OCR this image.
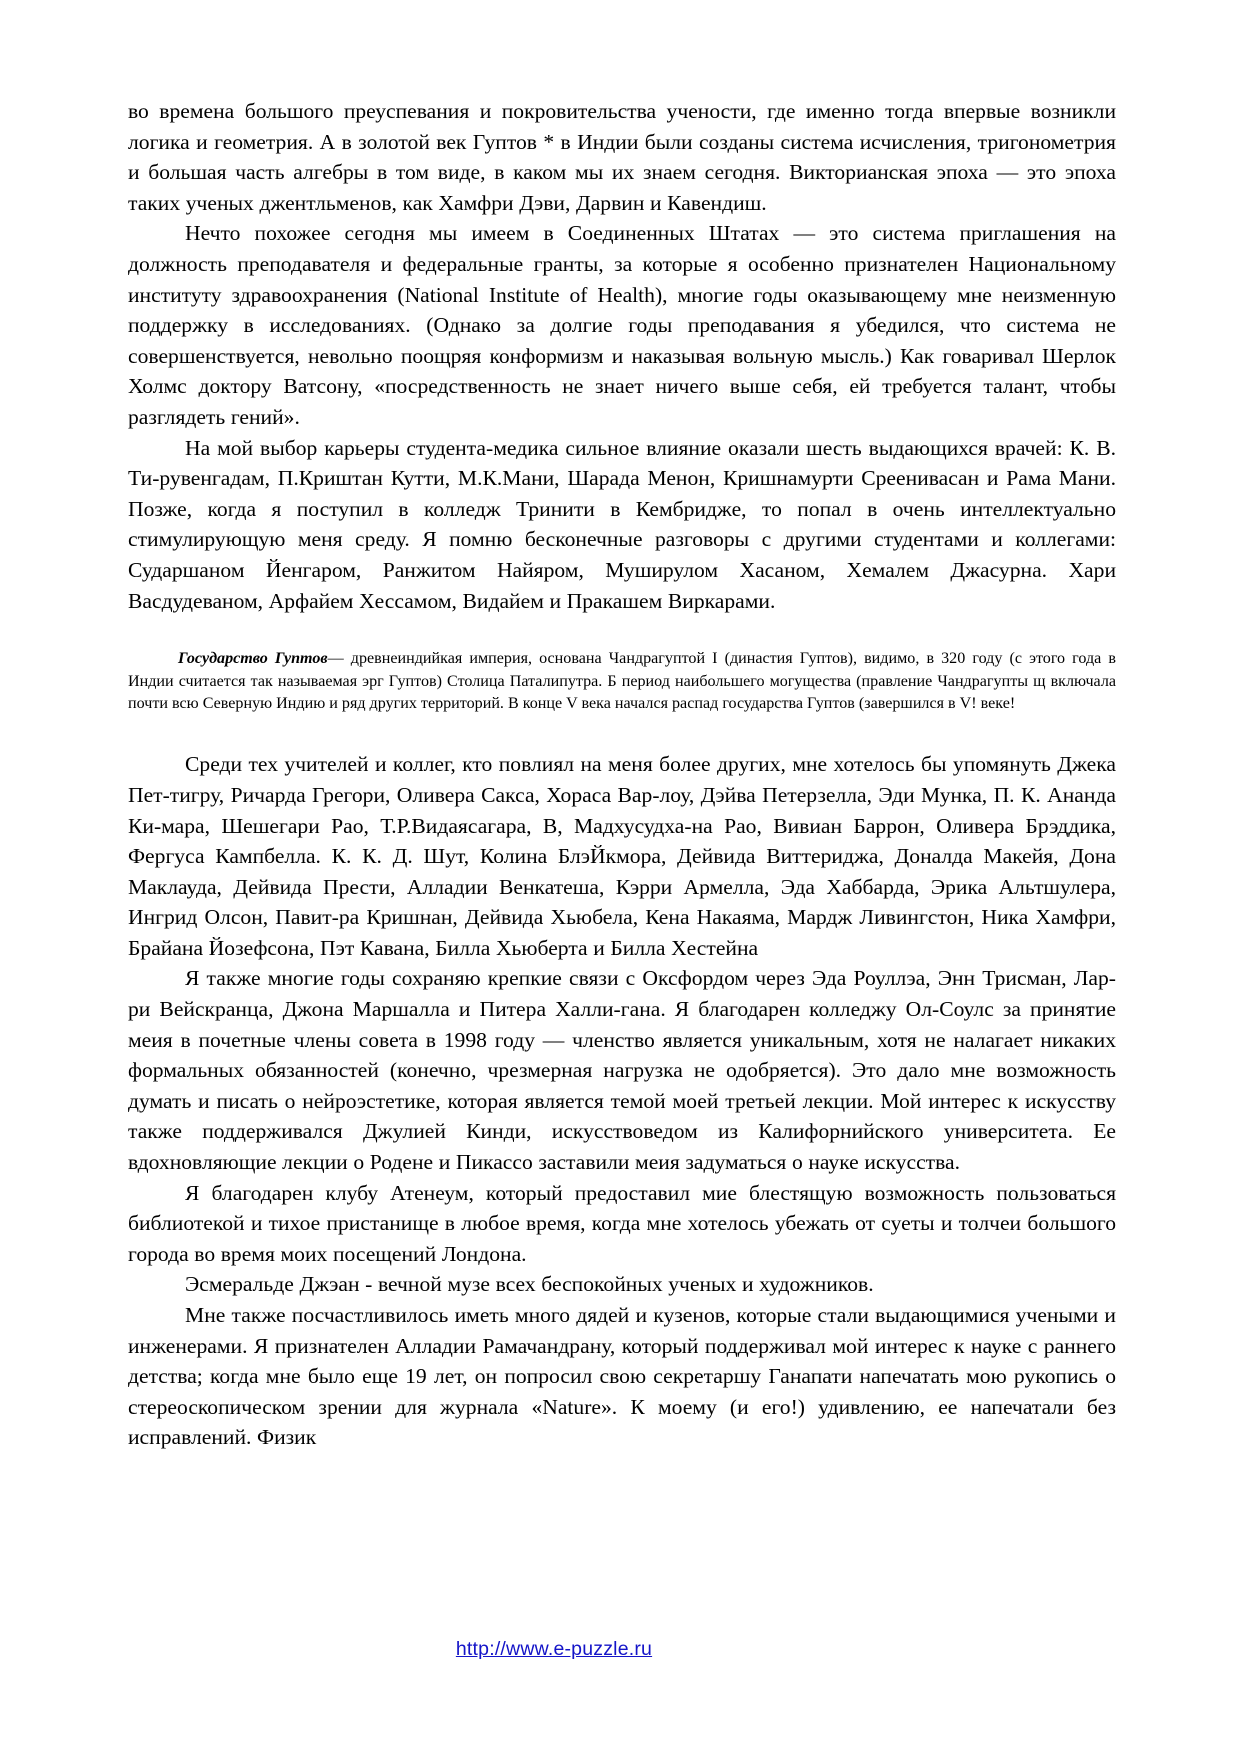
во времена большого преуспевания и покровительства учености, где именно тогда впервые возникли логика и геометрия. А в золотой век Гуптов * в Индии были созданы система исчисления, тригонометрия и большая часть алгебры в том виде, в каком мы их знаем сегодня. Викторианская эпоха — это эпоха таких ученых джентльменов, как Хамфри Дэви, Дарвин и Кавендиш.

Нечто похожее сегодня мы имеем в Соединенных Штатах — это система приглашения на должность преподавателя и федеральные гранты, за которые я особенно признателен Национальному институту здравоохранения (National Institute of Health), многие годы оказывающему мне неизменную поддержку в исследованиях. (Однако за долгие годы преподавания я убедился, что система не совершенствуется, невольно поощряя конформизм и наказывая вольную мысль.) Как говаривал Шерлок Холмс доктору Ватсону, «посредственность не знает ничего выше себя, ей требуется талант, чтобы разглядеть гений».

На мой выбор карьеры студента-медика сильное влияние оказали шесть выдающихся врачей: К. В. Ти-рувенгадам, П.Криштан Кутти, М.К.Мани, Шарада Менон, Кришнамурти Среенивасан и Рама Мани. Позже, когда я поступил в колледж Тринити в Кембридже, то попал в очень интеллектуально стимулирующую меня среду. Я помню бесконечные разговоры с другими студентами и коллегами: Сударшаном Йенгаром, Ранжитом Найяром, Муширулом Хасаном, Хемалем Джасурна. Хари Васдудеваном, Арфайем Хессамом, Видайем и Пракашем Виркарами.

Государство Гуптов— древнеиндийкая империя, основана Чандрагуптой I (династия Гуптов), видимо, в 320 году (с этого года в Индии считается так называемая эрг Гуптов) Столица Паталипутра. Б период наибольшего могущества (правление Чандрагупты щ включала почти всю Северную Индию и ряд других территорий. В конце V века начался распад государства Гуптов (завершился в V! веке!

Среди тех учителей и коллег, кто повлиял на меня более других, мне хотелось бы упомянуть Джека Пет-тигру, Ричарда Грегори, Оливера Сакса, Хораса Вар-лоу, Дэйва Петерзелла, Эди Мунка, П. К. Ананда Ки-мара, Шешегари Рао, Т.Р.Видаясагара, В, Мадхусудха-на Рао, Вивиан Баррон, Оливера Брэддика, Фергуса Кампбелла. К. К. Д. Шут, Колина БлэЙкмора, Дейвида Виттериджа, Доналда Макейя, Дона Маклауда, Дейвида Прести, Алладии Венкатеша, Кэрри Армелла, Эда Хаббарда, Эрика Альтшулера, Ингрид Олсон, Павит-ра Кришнан, Дейвида Хьюбела, Кена Накаяма, Мардж Ливингстон, Ника Хамфри, Брайана Йозефсона, Пэт Кавана, Билла Хьюберта и Билла Хестейна

Я также многие годы сохраняю крепкие связи с Оксфордом через Эда Роуллэа, Энн Трисман, Лар-ри Вейскранца, Джона Маршалла и Питера Халли-гана. Я благодарен колледжу Ол-Соулс за принятие меия в почетные члены совета в 1998 году — членство является уникальным, хотя не налагает никаких формальных обязанностей (конечно, чрезмерная нагрузка не одобряется). Это дало мне возможность думать и писать о нейроэстетике, которая является темой моей третьей лекции. Мой интерес к искусству также поддерживался Джулией Кинди, искусствоведом из Калифорнийского университета. Ее вдохновляющие лекции о Родене и Пикассо заставили меия задуматься о науке искусства.

Я благодарен клубу Атенеум, который предоставил мие блестящую возможность пользоваться библиотекой и тихое пристанище в любое время, когда мне хотелось убежать от суеты и толчеи большого города во время моих посещений Лондона.

Эсмеральде Джэан - вечной музе всех беспокойных ученых и художников.

Мне также посчастливилось иметь много дядей и кузенов, которые стали выдающимися учеными и инженерами. Я признателен Алладии Рамачандрану, который поддерживал мой интерес к науке с раннего детства; когда мне было еще 19 лет, он попросил свою секретаршу Ганапати напечатать мою рукопись о стереоскопическом зрении для журнала «Nature». К моему (и его!) удивлению, ее напечатали без исправлений. Физик

http://www.e-puzzle.ru
